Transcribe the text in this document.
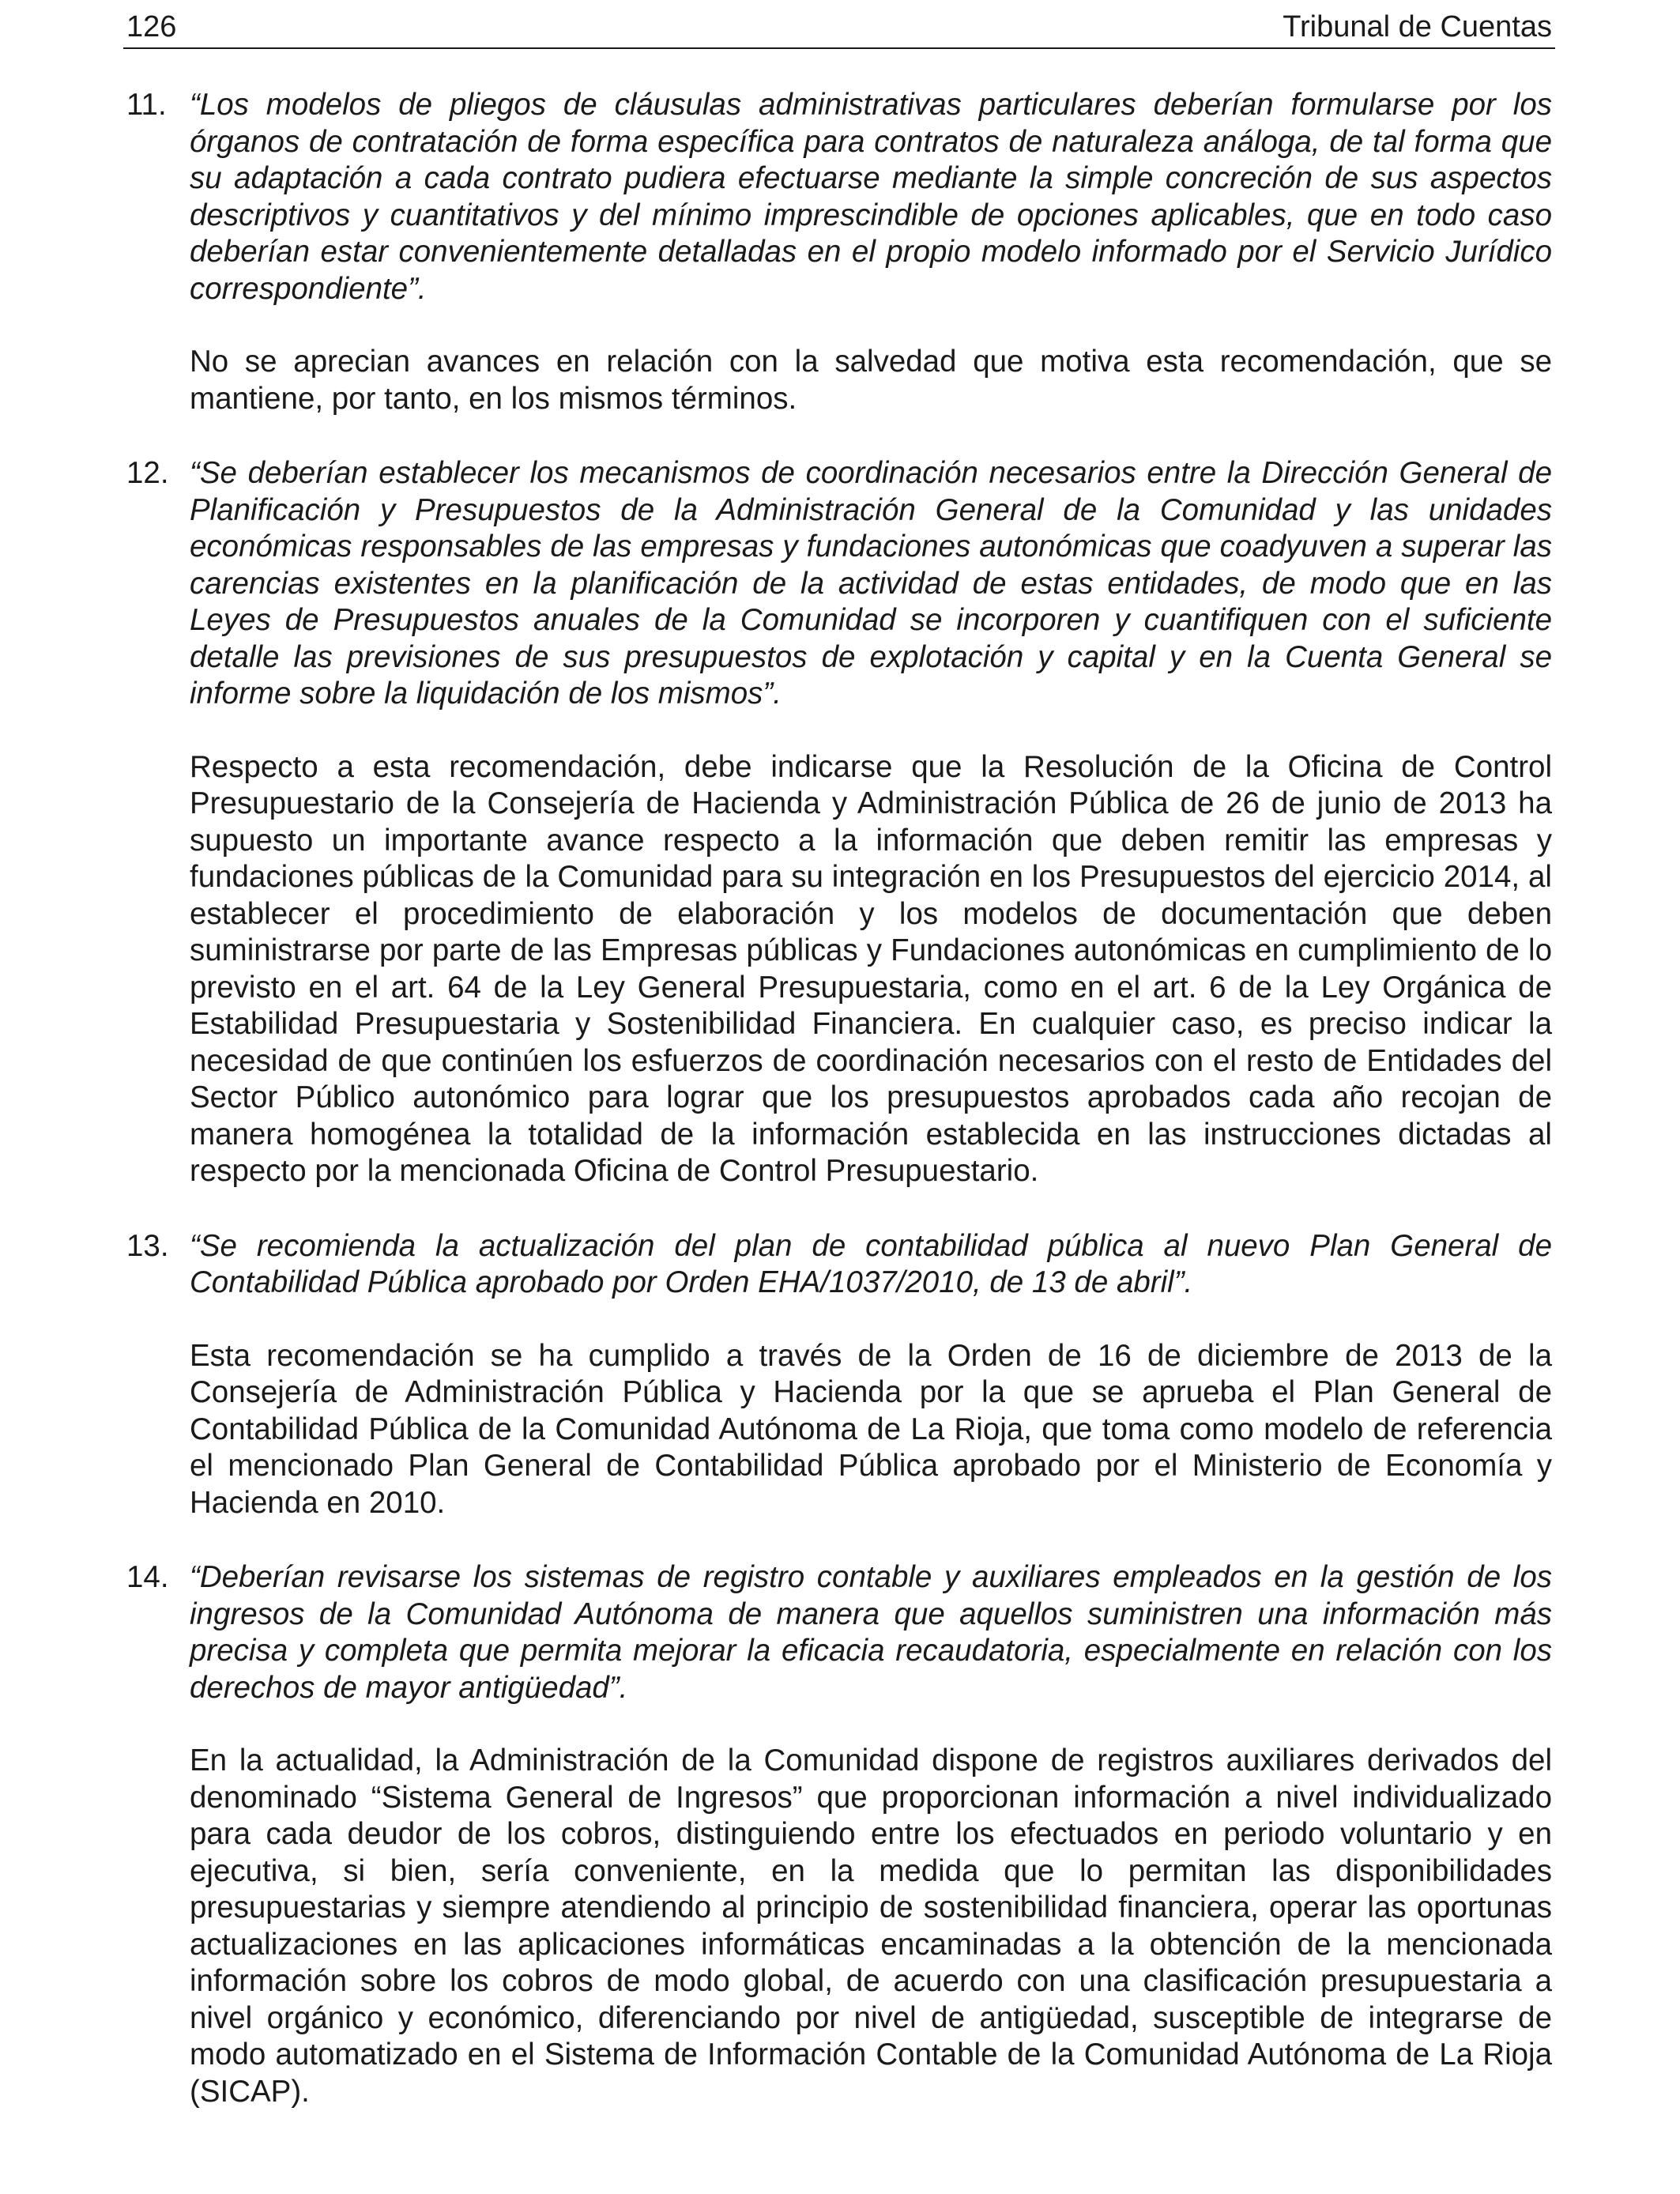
126	Tribunal de Cuentas
11. “Los modelos de pliegos de cláusulas administrativas particulares deberían formularse por los órganos de contratación de forma específica para contratos de naturaleza análoga, de tal forma que su adaptación a cada contrato pudiera efectuarse mediante la simple concreción de sus aspectos descriptivos y cuantitativos y del mínimo imprescindible de opciones aplicables, que en todo caso deberían estar convenientemente detalladas en el propio modelo informado por el Servicio Jurídico correspondiente”.

No se aprecian avances en relación con la salvedad que motiva esta recomendación, que se mantiene, por tanto, en los mismos términos.

12. “Se deberían establecer los mecanismos de coordinación necesarios entre la Dirección General de Planificación y Presupuestos de la Administración General de la Comunidad y las unidades económicas responsables de las empresas y fundaciones autonómicas que coadyuven a superar las carencias existentes en la planificación de la actividad de estas entidades, de modo que en las Leyes de Presupuestos anuales de la Comunidad se incorporen y cuantifiquen con el suficiente detalle las previsiones de sus presupuestos de explotación y capital y en la Cuenta General se informe sobre la liquidación de los mismos”.

Respecto a esta recomendación, debe indicarse que la Resolución de la Oficina de Control Presupuestario de la Consejería de Hacienda y Administración Pública de 26 de junio de 2013 ha supuesto un importante avance respecto a la información que deben remitir las empresas y fundaciones públicas de la Comunidad para su integración en los Presupuestos del ejercicio 2014, al establecer el procedimiento de elaboración y los modelos de documentación que deben suministrarse por parte de las Empresas públicas y Fundaciones autonómicas en cumplimiento de lo previsto en el art. 64 de la Ley General Presupuestaria, como en el art. 6 de la Ley Orgánica de Estabilidad Presupuestaria y Sostenibilidad Financiera. En cualquier caso, es preciso indicar la necesidad de que continúen los esfuerzos de coordinación necesarios con el resto de Entidades del Sector Público autonómico para lograr que los presupuestos aprobados cada año recojan de manera homogénea la totalidad de la información establecida en las instrucciones dictadas al respecto por la mencionada Oficina de Control Presupuestario.

13. “Se recomienda la actualización del plan de contabilidad pública al nuevo Plan General de Contabilidad Pública aprobado por Orden EHA/1037/2010, de 13 de abril”.

Esta recomendación se ha cumplido a través de la Orden de 16 de diciembre de 2013 de la Consejería de Administración Pública y Hacienda por la que se aprueba el Plan General de Contabilidad Pública de la Comunidad Autónoma de La Rioja, que toma como modelo de referencia el mencionado Plan General de Contabilidad Pública aprobado por el Ministerio de Economía y Hacienda en 2010.

14. “Deberían revisarse los sistemas de registro contable y auxiliares empleados en la gestión de los ingresos de la Comunidad Autónoma de manera que aquellos suministren una información más precisa y completa que permita mejorar la eficacia recaudatoria, especialmente en relación con los derechos de mayor antigüedad”.

En la actualidad, la Administración de la Comunidad dispone de registros auxiliares derivados del denominado “Sistema General de Ingresos” que proporcionan información a nivel individualizado para cada deudor de los cobros, distinguiendo entre los efectuados en periodo voluntario y en ejecutiva, si bien, sería conveniente, en la medida que lo permitan las disponibilidades presupuestarias y siempre atendiendo al principio de sostenibilidad financiera, operar las oportunas actualizaciones en las aplicaciones informáticas encaminadas a la obtención de la mencionada información sobre los cobros de modo global, de acuerdo con una clasificación presupuestaria a nivel orgánico y económico, diferenciando por nivel de antigüedad, susceptible de integrarse de modo automatizado en el Sistema de Información Contable de la Comunidad Autónoma de La Rioja (SICAP).
